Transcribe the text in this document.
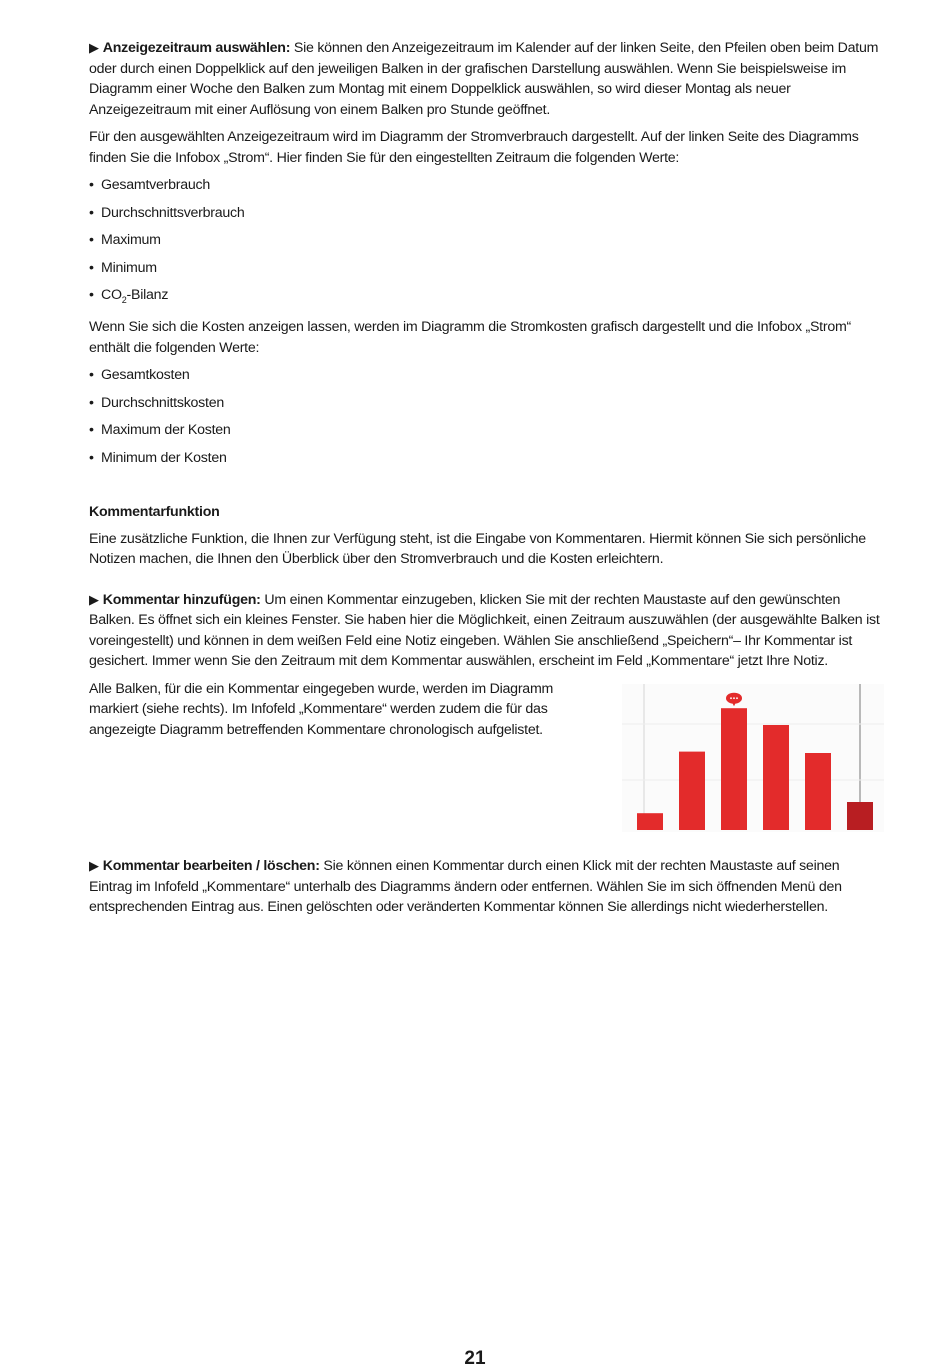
▶ Anzeigezeitraum auswählen: Sie können den Anzeigezeitraum im Kalender auf der linken Seite, den Pfeilen oben beim Datum oder durch einen Doppelklick auf den jeweiligen Balken in der grafischen Darstellung auswählen. Wenn Sie beispielsweise im Diagramm einer Woche den Balken zum Montag mit einem Doppelklick auswählen, so wird dieser Montag als neuer Anzeigezeitraum mit einer Auflösung von einem Balken pro Stunde geöffnet.

Für den ausgewählten Anzeigezeitraum wird im Diagramm der Stromverbrauch dargestellt. Auf der linken Seite des Diagramms finden Sie die Infobox „Strom“. Hier finden Sie für den eingestellten Zeitraum die folgenden Werte:

• Gesamtverbrauch
• Durchschnittsverbrauch
• Maximum
• Minimum
• $CO_2$-Bilanz

Wenn Sie sich die Kosten anzeigen lassen, werden im Diagramm die Stromkosten grafisch dargestellt und die Infobox „Strom“ enthält die folgenden Werte:

• Gesamtkosten
• Durchschnittskosten
• Maximum der Kosten
• Minimum der Kosten

Kommentarfunktion

Eine zusätzliche Funktion, die Ihnen zur Verfügung steht, ist die Eingabe von Kommentaren. Hiermit können Sie sich persönliche Notizen machen, die Ihnen den Überblick über den Stromverbrauch und die Kosten erleichtern.

▶ Kommentar hinzufügen: Um einen Kommentar einzugeben, klicken Sie mit der rechten Maustaste auf den gewünschten Balken. Es öffnet sich ein kleines Fenster. Sie haben hier die Möglichkeit, einen Zeitraum auszuwählen (der ausgewählte Balken ist voreingestellt) und können in dem weißen Feld eine Notiz eingeben. Wählen Sie anschließend „Speichern“– Ihr Kommentar ist gesichert. Immer wenn Sie den Zeitraum mit dem Kommentar auswählen, erscheint im Feld „Kommentare“ jetzt Ihre Notiz.

Alle Balken, für die ein Kommentar eingegeben wurde, werden im Diagramm markiert (siehe rechts). Im Infofeld „Kommentare“ werden zudem die für das angezeigte Diagramm betreffenden Kommentare chronologisch aufgelistet.

▶ Kommentar bearbeiten / löschen: Sie können einen Kommentar durch einen Klick mit der rechten Maustaste auf seinen Eintrag im Infofeld „Kommentare“ unterhalb des Diagramms ändern oder entfernen. Wählen Sie im sich öffnenden Menü den entsprechenden Eintrag aus. Einen gelöschten oder veränderten Kommentar können Sie allerdings nicht wiederherstellen.

21
